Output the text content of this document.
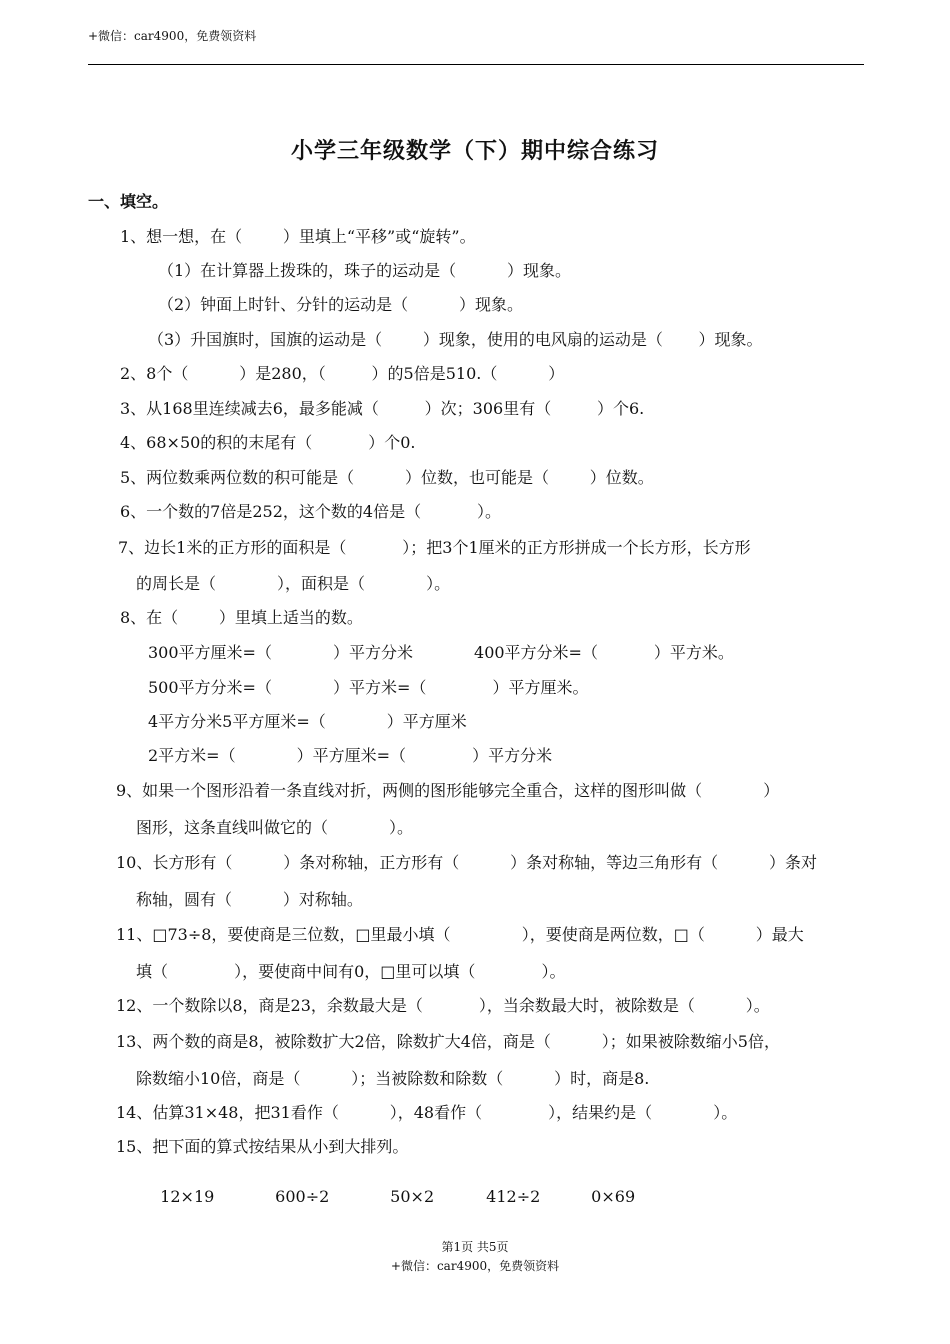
+微信：car4900，免费领资料
小学三年级数学（下）期中综合练习
一、填空。
1、想一想，在（        ）里填上“平移”或“旋转”。
（1）在计算器上拨珠的，珠子的运动是（          ）现象。
（2）钟面上时针、分针的运动是（          ）现象。
（3）升国旗时，国旗的运动是（        ）现象，使用的电风扇的运动是（       ）现象。
2、8个（          ）是280，（         ）的5倍是510.（          ）
3、从168里连续减去6，最多能减（         ）次；306里有（         ）个6.
4、68×50的积的末尾有（           ）个0.
5、两位数乘两位数的积可能是（          ）位数，也可能是（        ）位数。
6、一个数的7倍是252，这个数的4倍是（           ）。
7、边长1米的正方形的面积是（           ）；把3个1厘米的正方形拼成一个长方形，长方形
的周长是（            ），面积是（            ）。
8、在（        ）里填上适当的数。
300平方厘米=（            ）平方分米            400平方分米=（           ）平方米。
500平方分米=（            ）平方米=（             ）平方厘米。
4平方分米5平方厘米=（            ）平方厘米
2平方米=（            ）平方厘米=（             ）平方分米
9、如果一个图形沿着一条直线对折，两侧的图形能够完全重合，这样的图形叫做（            ）
图形，这条直线叫做它的（            ）。
10、长方形有（          ）条对称轴，正方形有（          ）条对称轴，等边三角形有（          ）条对
称轴，圆有（          ）对称轴。
11、□73÷8，要使商是三位数，□里最小填（              ），要使商是两位数，□（          ）最大
填（             ），要使商中间有0，□里可以填（             ）。
12、一个数除以8，商是23，余数最大是（           ），当余数最大时，被除数是（          ）。
13、两个数的商是8，被除数扩大2倍，除数扩大4倍，商是（          ）；如果被除数缩小5倍，
除数缩小10倍，商是（          ）；当被除数和除数（          ）时，商是8.
14、估算31×48，把31看作（          ），48看作（             ），结果约是（            ）。
15、把下面的算式按结果从小到大排列。

12×19	600÷2	50×2	412÷2	0×69

第1页 共5页
+微信：car4900，免费领资料
